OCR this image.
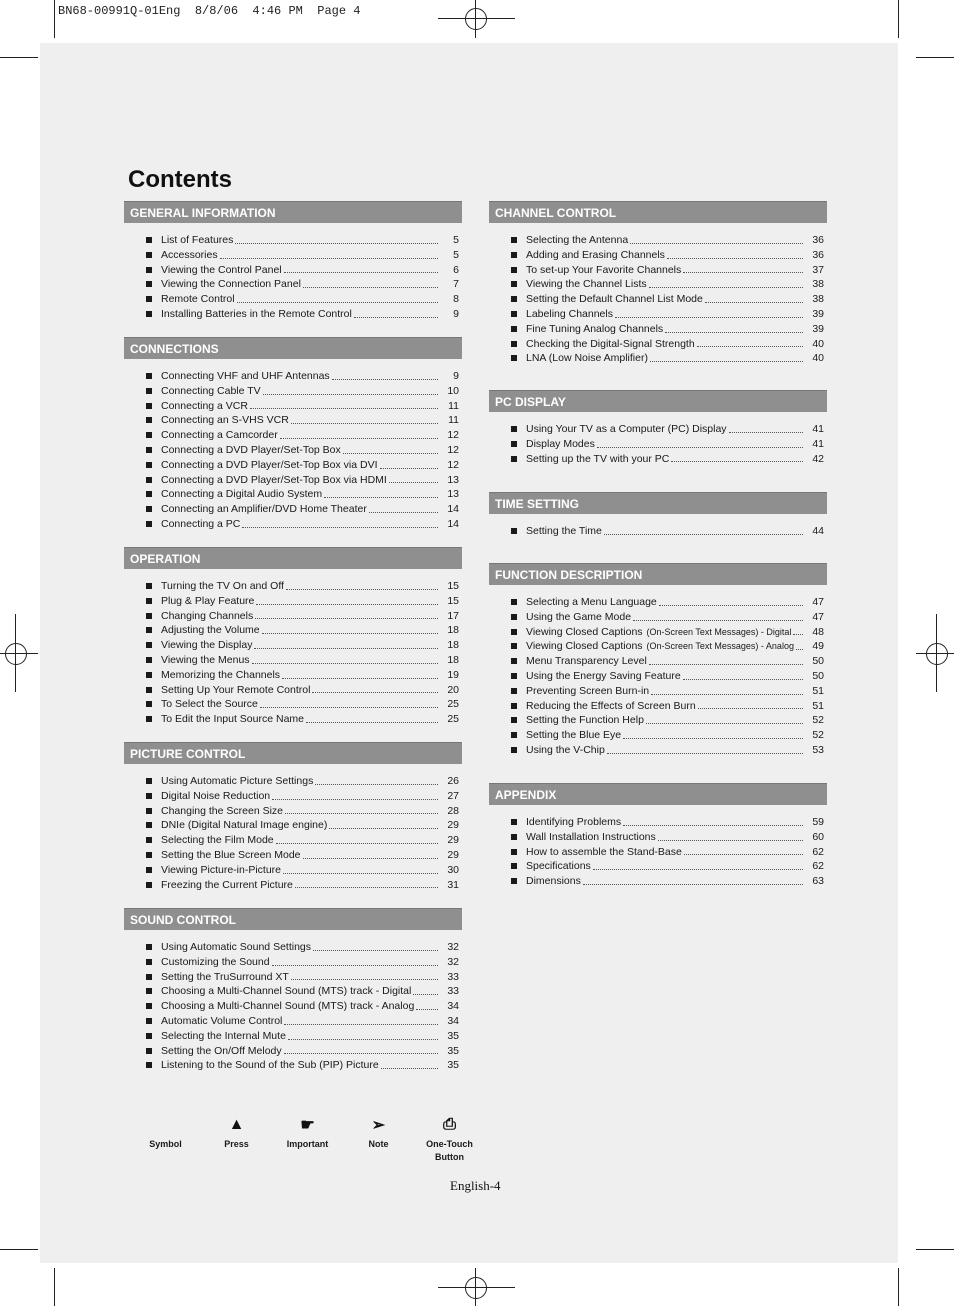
BN68-00991Q-01Eng  8/8/06  4:46 PM  Page 4
Contents
GENERAL INFORMATION
List of Features	5
Accessories	5
Viewing the Control Panel	6
Viewing the Connection Panel	7
Remote Control	8
Installing Batteries in the Remote Control	9
CONNECTIONS
Connecting VHF and UHF Antennas	9
Connecting Cable TV	10
Connecting a VCR	11
Connecting an S-VHS VCR	11
Connecting a Camcorder	12
Connecting a DVD Player/Set-Top Box	12
Connecting a DVD Player/Set-Top Box via DVI	12
Connecting a DVD Player/Set-Top Box via HDMI	13
Connecting a Digital Audio System	13
Connecting an Amplifier/DVD Home Theater	14
Connecting a PC	14
OPERATION
Turning the TV On and Off	15
Plug & Play Feature	15
Changing Channels	17
Adjusting the Volume	18
Viewing the Display	18
Viewing the Menus	18
Memorizing the Channels	19
Setting Up Your Remote Control	20
To Select the Source	25
To Edit the Input Source Name	25
PICTURE CONTROL
Using Automatic Picture Settings	26
Digital Noise Reduction	27
Changing the Screen Size	28
DNIe (Digital Natural Image engine)	29
Selecting the Film Mode	29
Setting the Blue Screen Mode	29
Viewing Picture-in-Picture	30
Freezing the Current Picture	31
SOUND CONTROL
Using Automatic Sound Settings	32
Customizing the Sound	32
Setting the TruSurround XT	33
Choosing a Multi-Channel Sound (MTS) track - Digital	33
Choosing a Multi-Channel Sound (MTS) track - Analog	34
Automatic Volume Control	34
Selecting the Internal Mute	35
Setting the On/Off Melody	35
Listening to the Sound of the Sub (PIP) Picture	35
CHANNEL CONTROL
Selecting the Antenna	36
Adding and Erasing Channels	36
To set-up Your Favorite Channels	37
Viewing the Channel Lists	38
Setting the Default Channel List Mode	38
Labeling Channels	39
Fine Tuning Analog Channels	39
Checking the Digital-Signal Strength	40
LNA (Low Noise Amplifier)	40
PC DISPLAY
Using Your TV as a Computer (PC) Display	41
Display Modes	41
Setting up the TV with your PC	42
TIME SETTING
Setting the Time	44
FUNCTION DESCRIPTION
Selecting a Menu Language	47
Using the Game Mode	47
Viewing Closed Captions (On-Screen Text Messages) - Digital	48
Viewing Closed Captions (On-Screen Text Messages) - Analog	49
Menu Transparency Level	50
Using the Energy Saving Feature	50
Preventing Screen Burn-in	51
Reducing the Effects of Screen Burn	51
Setting the Function Help	52
Setting the Blue Eye	52
Using the V-Chip	53
APPENDIX
Identifying Problems	59
Wall Installation Instructions	60
How to assemble the Stand-Base	62
Specifications	62
Dimensions	63
Symbol
▲
Press
☛
Important
➢
Note
⎙
One-Touch Button
English-4
